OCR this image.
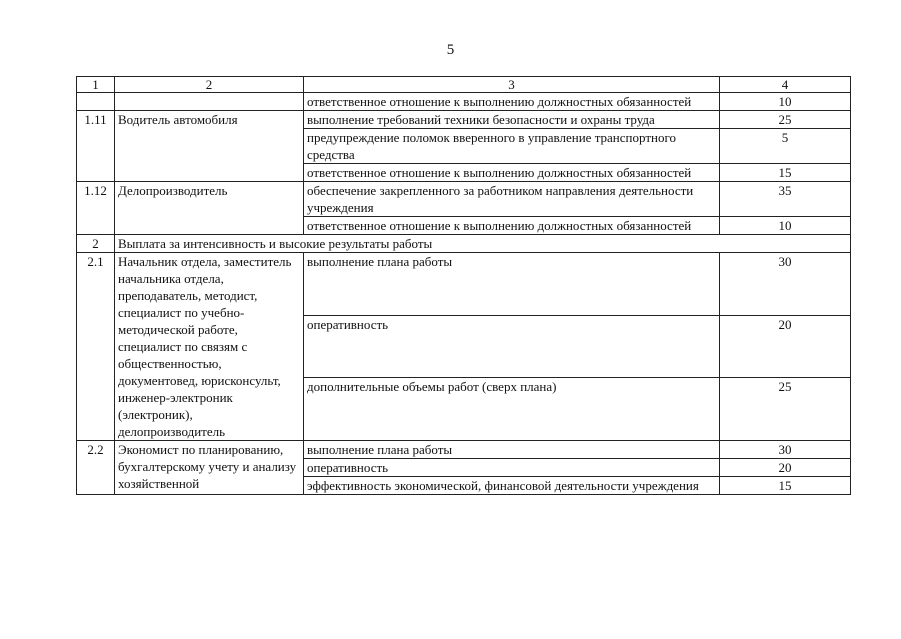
5
1	2	3	4
		ответственное отношение к выполнению должностных обязанностей	10
1.11	Водитель автомобиля	выполнение требований техники безопасности и охраны труда	25
		предупреждение поломок вверенного в управление транспортного средства	5
		ответственное отношение к выполнению должностных обязанностей	15
1.12	Делопроизводитель	обеспечение закрепленного за работником направления деятельности учреждения	35
		ответственное отношение к выполнению должностных обязанностей	10
2	Выплата за интенсивность и высокие результаты работы		
2.1	Начальник отдела, заместитель начальника отдела, преподаватель, методист, специалист по учебно-методической работе, специалист по связям с общественностью, документовед, юрисконсульт, инженер-электроник (электроник), делопроизводитель	выполнение плана работы	30
		оперативность	20
		дополнительные объемы работ (сверх плана)	25
2.2	Экономист по планированию, бухгалтерскому учету и анализу хозяйственной	выполнение плана работы	30
		оперативность	20
		эффективность экономической, финансовой деятельности учреждения	15
